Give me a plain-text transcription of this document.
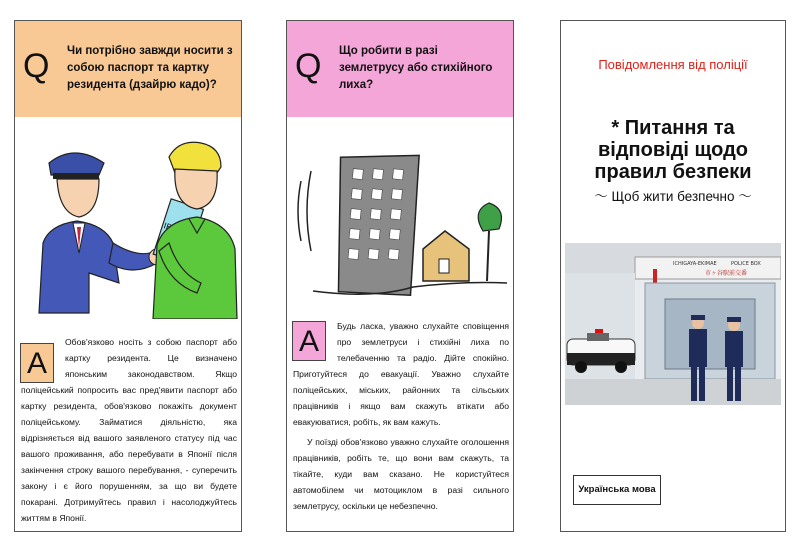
Q Чи потрібно завжди носити з собою паспорт та картку резидента (дзайрю кадо)?
A
Обов'язково носіть з собою паспорт або картку резидента. Це визначено японським законодавством. Якщо поліцейський попросить вас пред'явити паспорт або картку резидента, обов'язково покажіть документ поліцейському. Займатися діяльністю, яка відрізняється від вашого заявленого статусу під час вашого проживання, або перебувати в Японії після закінчення строку вашого перебування, - суперечить закону і є його порушенням, за що ви будете покарані. Дотримуйтесь правил і насолоджуйтесь життям в Японії.
Q Що робити в разі землетрусу або стихійного лиха?
A	Будь ласка, уважно слухайте сповіщення про землетруси і стихійні лиха по телебаченню та радіо. Дійте спокійно. Приготуйтеся до евакуації. Уважно слухайте поліцейських, міських, районних та сільських працівників і якщо вам скажуть втікати або евакуюватися, робіть, як вам кажуть.
У поїзді обов'язково уважно слухайте оголошення працівників, робіть те, що вони вам скажуть, та тікайте, куди вам сказано. Не користуйтеся автомобілем чи мотоциклом в разі сильного землетрусу, оскільки це небезпечно.
Повідомлення від поліції
* Питання та відповіді щодо правил безпеки
〜 Щоб жити безпечно 〜
ICHIGAYA-EKIMAE	POLICE BOX
市ヶ谷駅前交番
Українська мова
